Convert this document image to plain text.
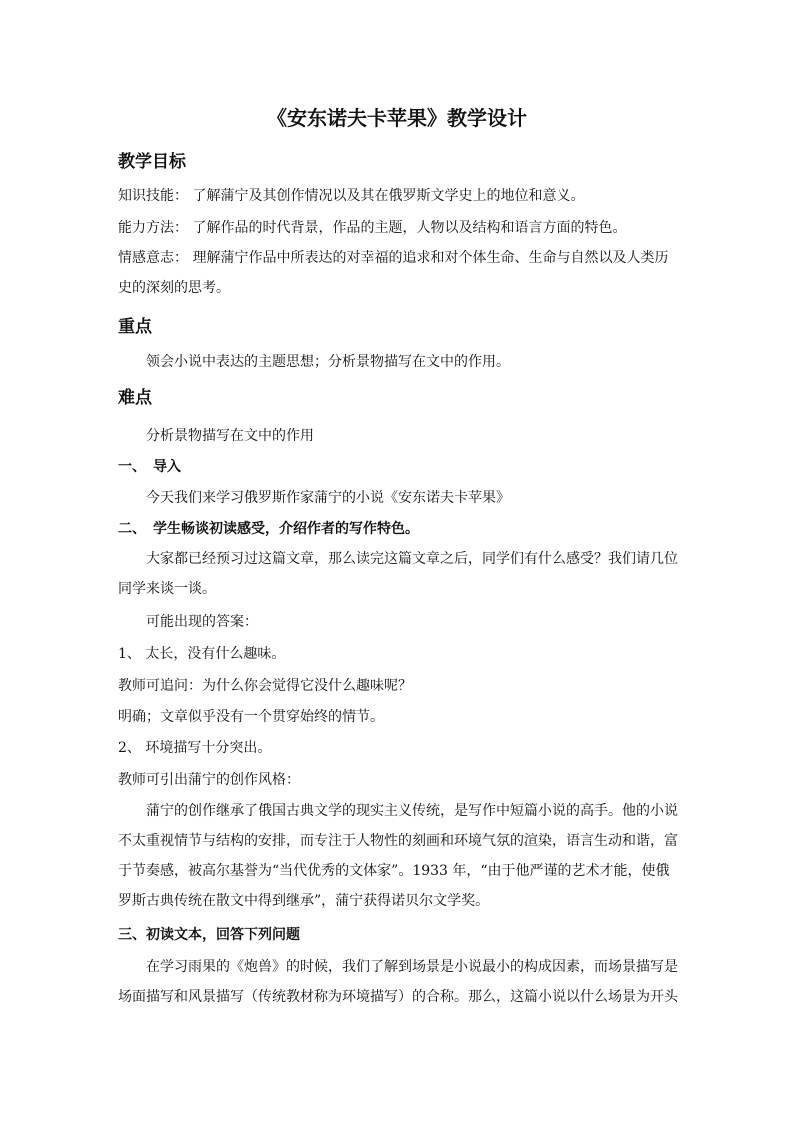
《安东诺夫卡苹果》教学设计
教学目标
知识技能： 了解蒲宁及其创作情况以及其在俄罗斯文学史上的地位和意义。
能力方法： 了解作品的时代背景，作品的主题，人物以及结构和语言方面的特色。
情感意志： 理解蒲宁作品中所表达的对幸福的追求和对个体生命、生命与自然以及人类历史的深刻的思考。
重点
领会小说中表达的主题思想；分析景物描写在文中的作用。
难点
分析景物描写在文中的作用
一、　导入
今天我们来学习俄罗斯作家蒲宁的小说《安东诺夫卡苹果》
二、　学生畅谈初读感受，介绍作者的写作特色。
大家都已经预习过这篇文章，那么读完这篇文章之后，同学们有什么感受？我们请几位同学来谈一谈。
可能出现的答案：
1、 太长，没有什么趣味。
教师可追问：为什么你会觉得它没什么趣味呢？
明确；文章似乎没有一个贯穿始终的情节。
2、 环境描写十分突出。
教师可引出蒲宁的创作风格：
蒲宁的创作继承了俄国古典文学的现实主义传统，是写作中短篇小说的高手。他的小说不太重视情节与结构的安排，而专注于人物性的刻画和环境气氛的渲染，语言生动和谐，富于节奏感，被高尔基誉为“当代优秀的文体家”。1933 年，“由于他严谨的艺术才能，使俄罗斯古典传统在散文中得到继承”，蒲宁获得诺贝尔文学奖。
三、初读文本，回答下列问题
在学习雨果的《炮兽》的时候，我们了解到场景是小说最小的构成因素，而场景描写是场面描写和风景描写（传统教材称为环境描写）的合称。那么，这篇小说以什么场景为开头
